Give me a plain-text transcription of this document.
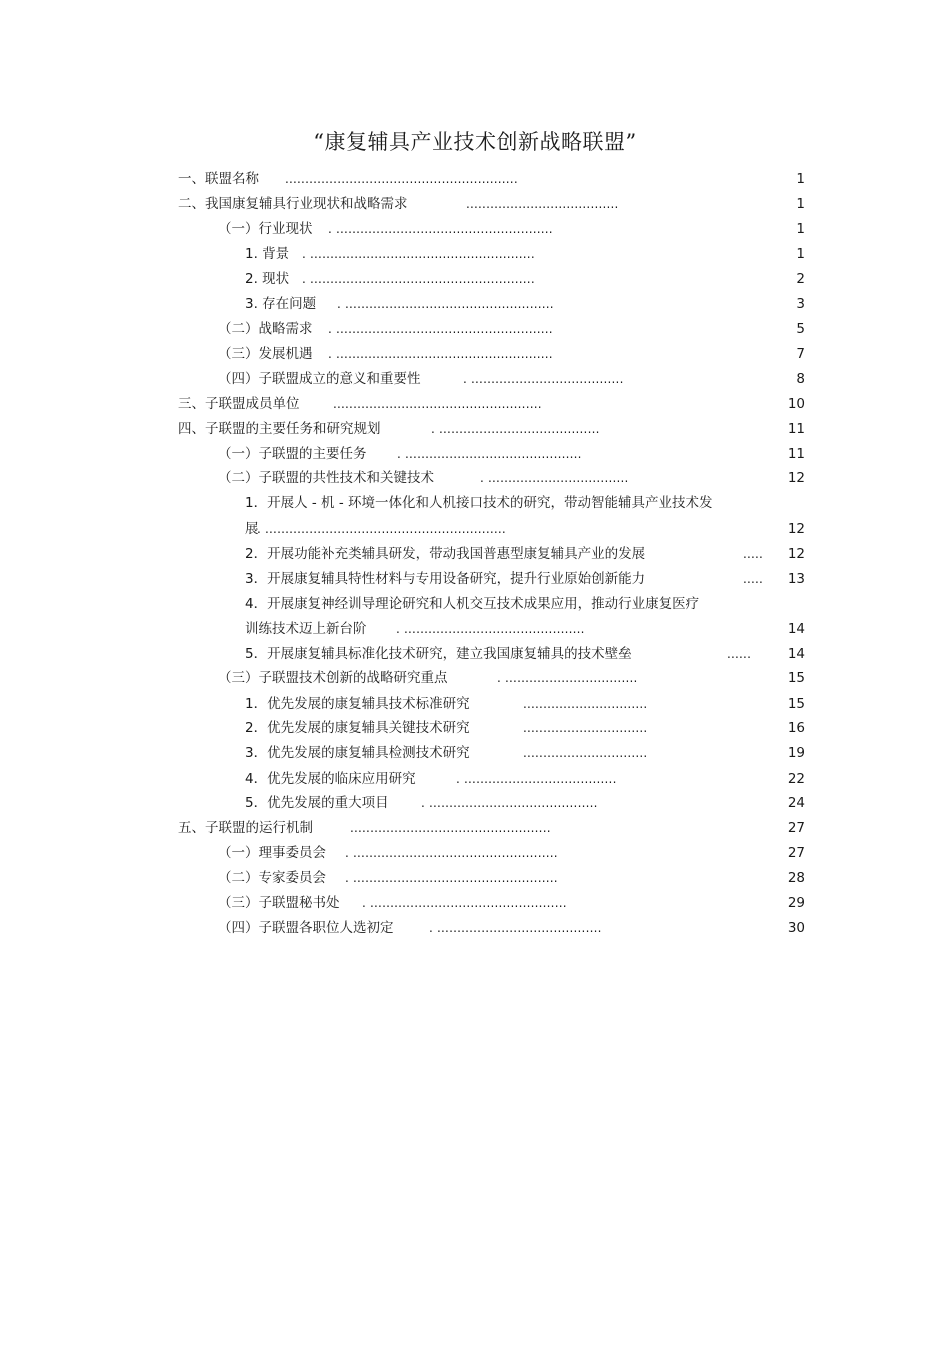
“康复辅具产业技术创新战略联盟”
一、联盟名称 ..........................................................	1
二、我国康复辅具行业现状和战略需求	......................................	1
（一）行业现状 . ......................................................	1
1. 背景 . ........................................................	1
2. 现状 . ........................................................	2
3. 存在问题 . ....................................................	3
（二）战略需求 . ......................................................	5
（三）发展机遇 . ......................................................	7
（四）子联盟成立的意义和重要性	. ......................................	8
三、子联盟成员单位	....................................................	10
四、子联盟的主要任务和研究规划	. ........................................	11
（一）子联盟的主要任务	. ............................................	11
（二）子联盟的共性技术和关键技术	. ...................................	12
1．开展人 - 机 - 环境一体化和人机接口技术的研究，带动智能辅具产业技术发
展
. ............................................................	12
2．开展功能补充类辅具研发，带动我国普惠型康复辅具产业的发展	..... 12
3．开展康复辅具特性材料与专用设备研究，提升行业原始创新能力	..... 13
4．开展康复神经训导理论研究和人机交互技术成果应用，推动行业康复医疗
训练技术迈上新台阶 . .............................................	14
5．开展康复辅具标准化技术研究，建立我国康复辅具的技术壁垒	......	14
（三）子联盟技术创新的战略研究重点	. .................................	15
1．优先发展的康复辅具技术标准研究	...............................	15
2．优先发展的康复辅具关键技术研究	...............................	16
3．优先发展的康复辅具检测技术研究	...............................	19
4．优先发展的临床应用研究	. ......................................	22
5．优先发展的重大项目	. ..........................................	24
五、子联盟的运行机制	..................................................	27
（一）理事委员会 . ...................................................	27
（二）专家委员会 . ...................................................	28
（三）子联盟秘书处 . .................................................	29
（四）子联盟各职位人选初定	. .........................................	30
